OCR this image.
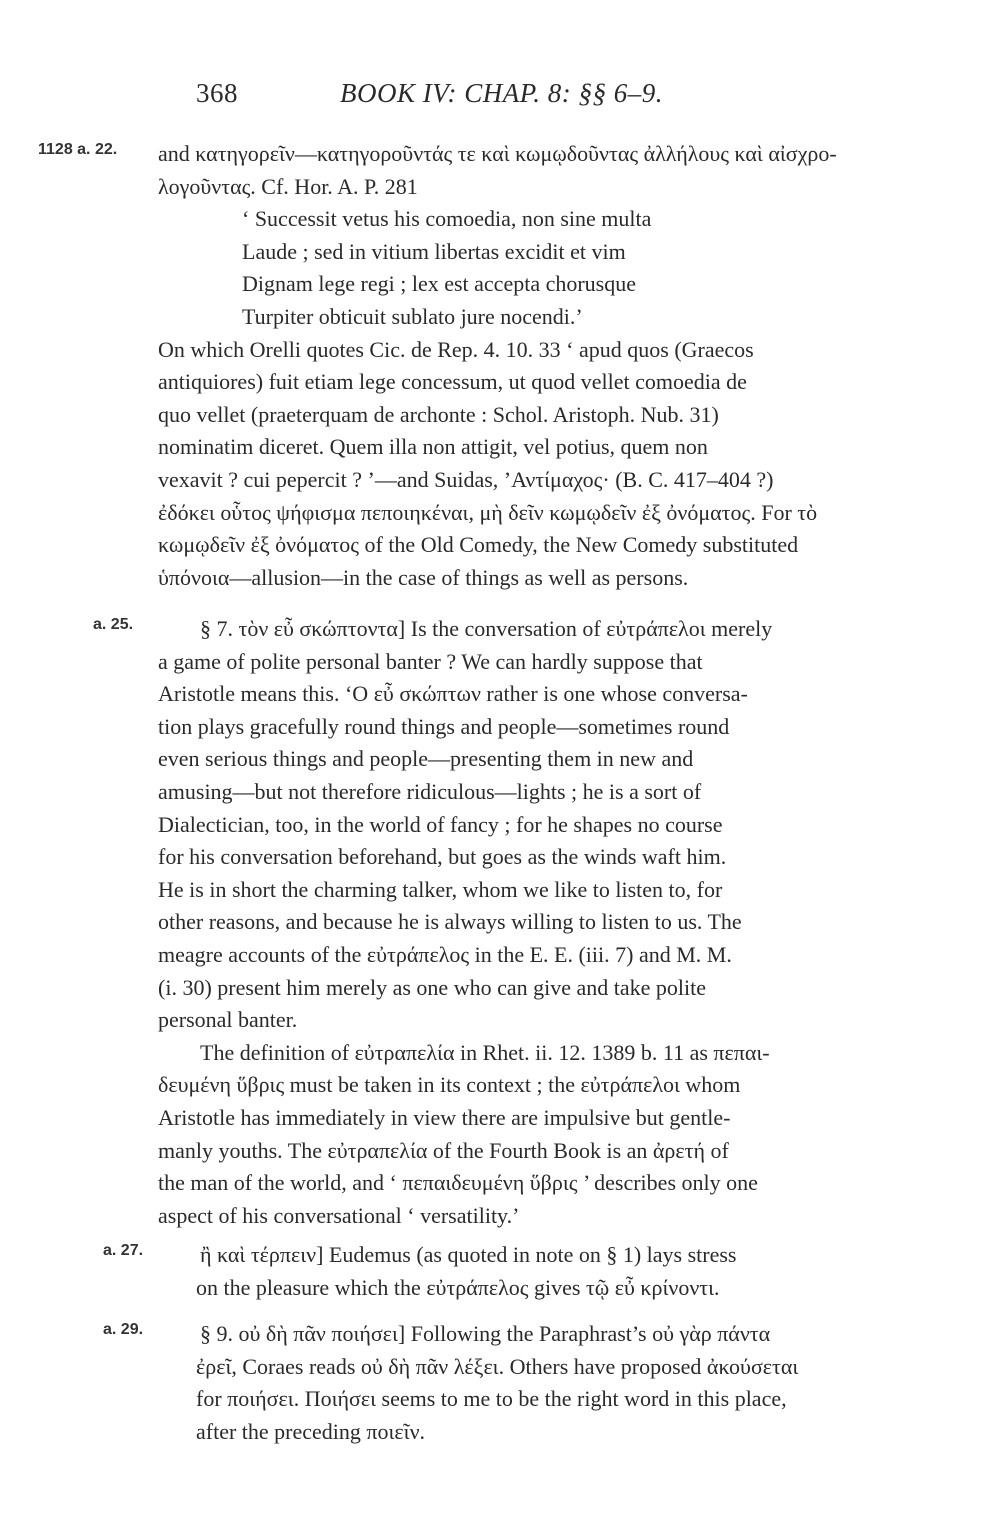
368	BOOK IV: CHAP. 8: §§ 6–9.
1128 a. 22. and κατηγορεῖν—κατηγοροῦντάς τε καὶ κωμῳδοῦντας ἀλλήλους καὶ αἰσχρο-
λογοῦντας. Cf. Hor. A. P. 281
‘ Successit vetus his comoedia, non sine multa
Laude ; sed in vitium libertas excidit et vim
Dignam lege regi ; lex est accepta chorusque
Turpiter obticuit sublato jure nocendi.’
On which Orelli quotes Cic. de Rep. 4. 10. 33 ‘ apud quos (Graecos
antiquiores) fuit etiam lege concessum, ut quod vellet comoedia de
quo vellet (praeterquam de archonte : Schol. Aristoph. Nub. 31)
nominatim diceret. Quem illa non attigit, vel potius, quem non
vexavit ? cui pepercit ? ’—and Suidas, ’Αντίμαχος· (B. C. 417–404 ?)
ἐδόκει οὗτος ψήφισμα πεποιηκέναι, μὴ δεῖν κωμῳδεῖν ἐξ ὀνόματος. For τὸ
κωμῳδεῖν ἐξ ὀνόματος of the Old Comedy, the New Comedy substituted
ὑπόνοια—allusion—in the case of things as well as persons.
a. 25.	§ 7. τὸν εὖ σκώπτοντα] Is the conversation of εὐτράπελοι merely
a game of polite personal banter ? We can hardly suppose that
Aristotle means this. ‘Ο εὖ σκώπτων rather is one whose conversa-
tion plays gracefully round things and people—sometimes round
even serious things and people—presenting them in new and
amusing—but not therefore ridiculous—lights ; he is a sort of
Dialectician, too, in the world of fancy ; for he shapes no course
for his conversation beforehand, but goes as the winds waft him.
He is in short the charming talker, whom we like to listen to, for
other reasons, and because he is always willing to listen to us. The
meagre accounts of the εὐτράπελος in the E. E. (iii. 7) and M. M.
(i. 30) present him merely as one who can give and take polite
personal banter.
The definition of εὐτραπελία in Rhet. ii. 12. 1389 b. 11 as πεπαι-
δευμένη ὕβρις must be taken in its context ; the εὐτράπελοι whom
Aristotle has immediately in view there are impulsive but gentle-
manly youths. The εὐτραπελία of the Fourth Book is an ἀρετή of
the man of the world, and ‘ πεπαιδευμένη ὕβρις ’ describes only one
aspect of his conversational ‘ versatility.’
a. 27.	ἢ καὶ τέρπειν] Eudemus (as quoted in note on § 1) lays stress
on the pleasure which the εὐτράπελος gives τῷ εὖ κρίνοντι.
a. 29.	§ 9. οὐ δὴ πᾶν ποιήσει] Following the Paraphrast’s οὐ γὰρ πάντα
ἐρεῖ, Coraes reads οὐ δὴ πᾶν λέξει. Others have proposed ἀκούσεται
for ποιήσει. Ποιήσει seems to me to be the right word in this place,
after the preceding ποιεῖν.
